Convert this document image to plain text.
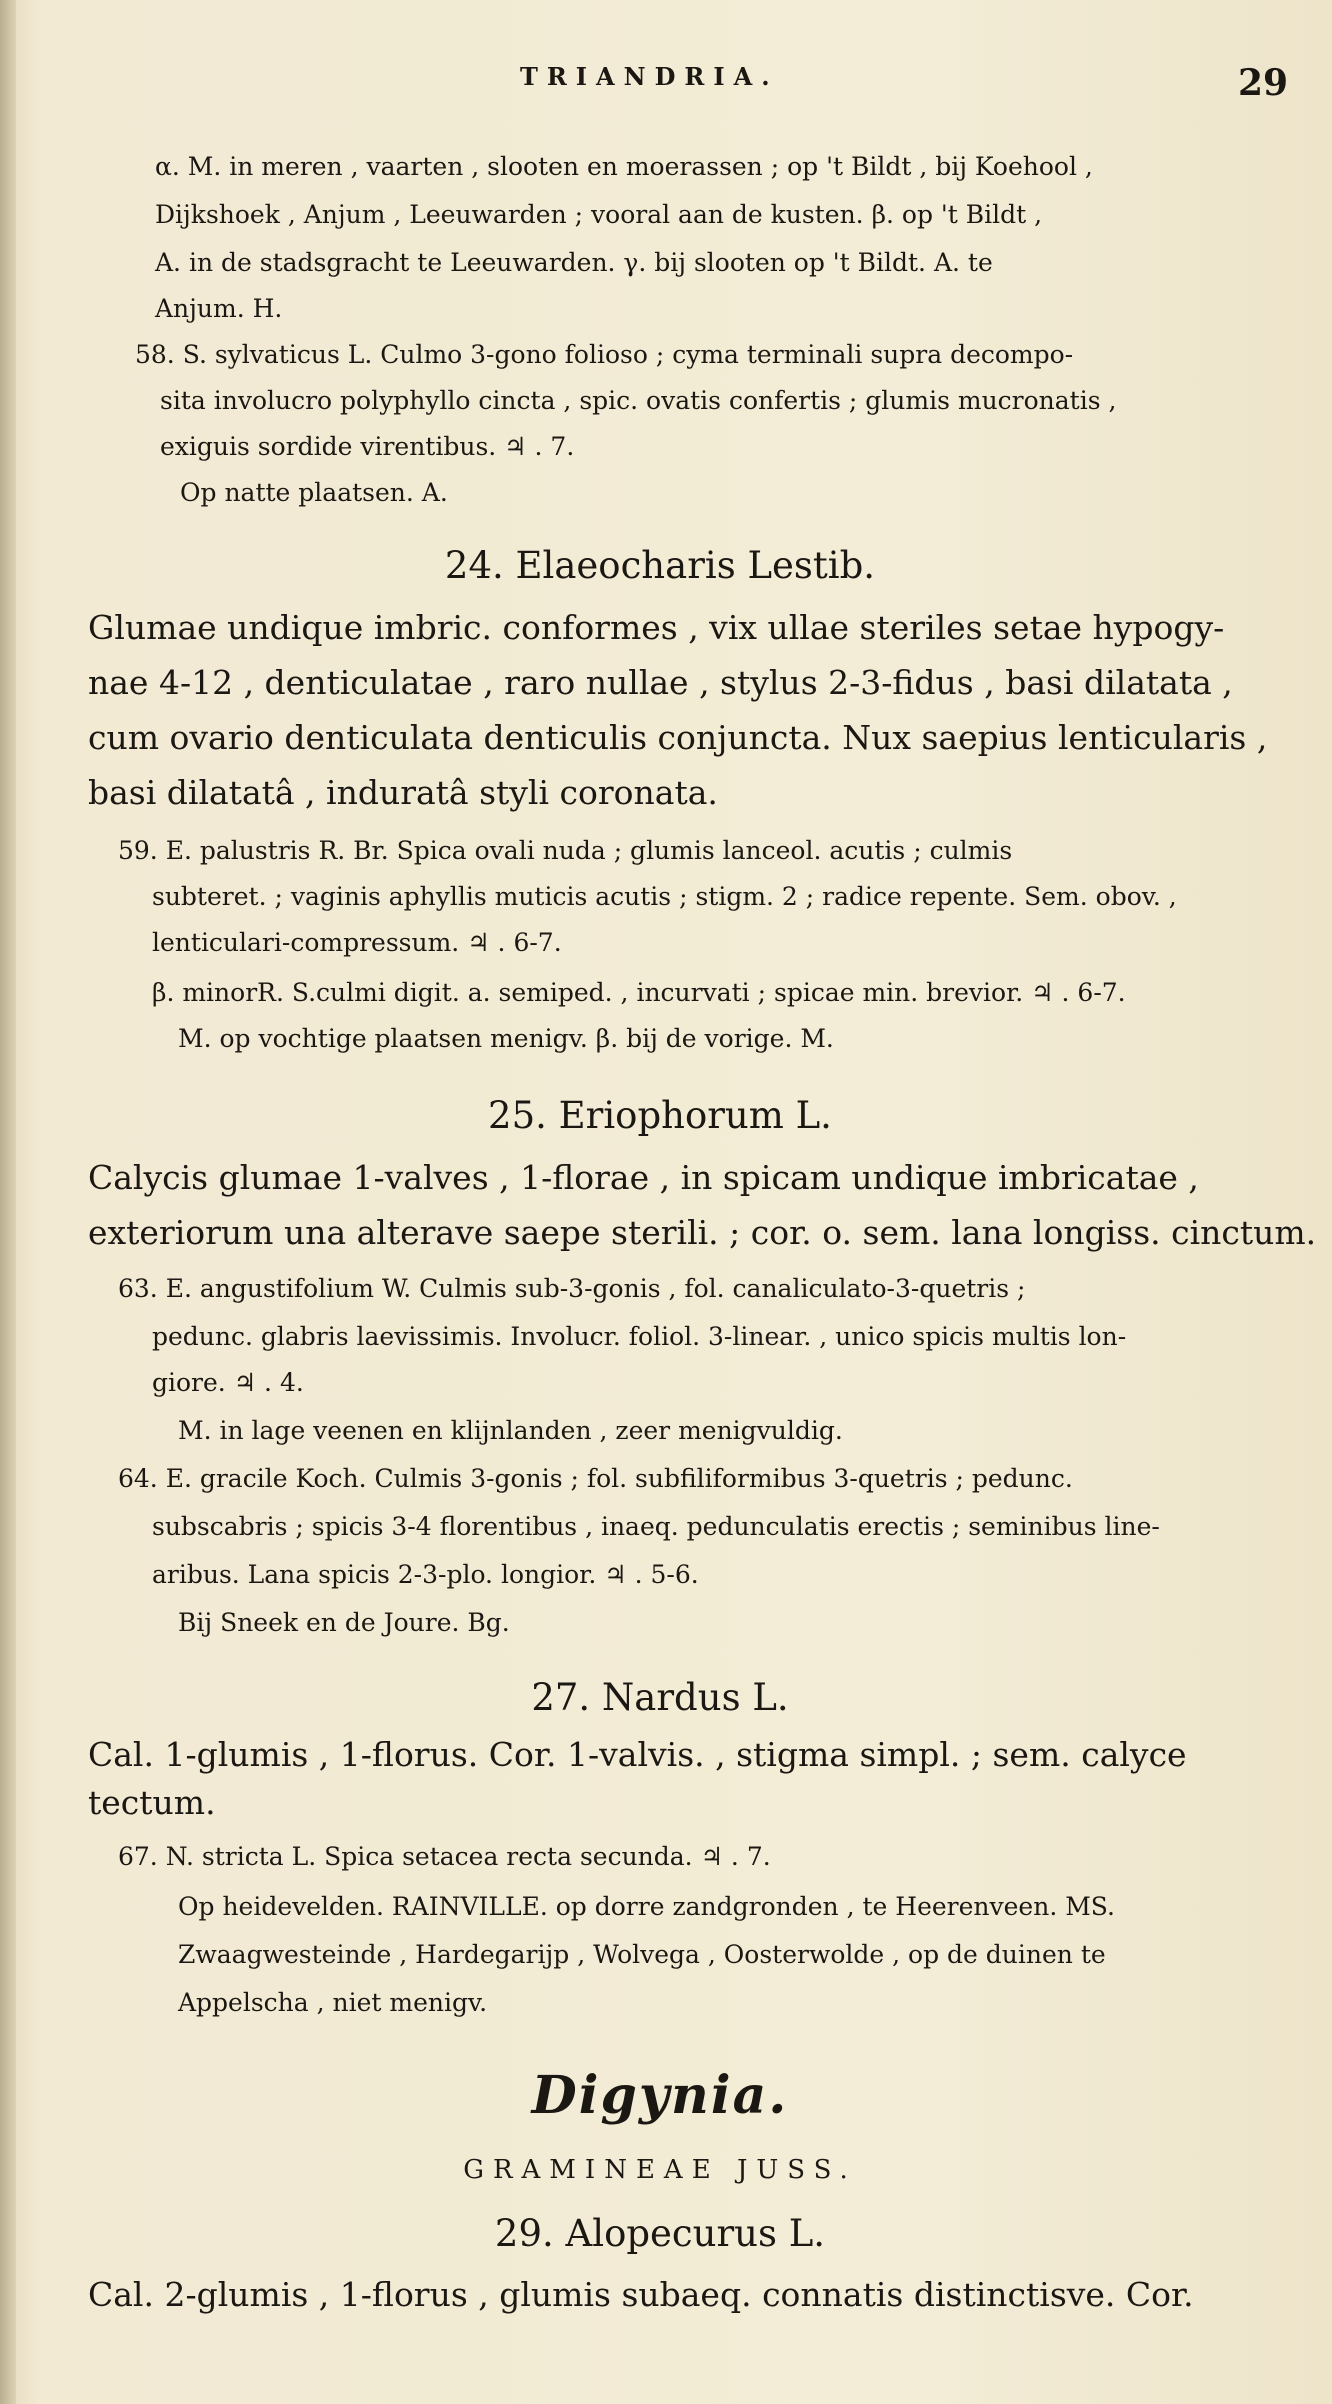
TRIANDRIA.	29
α. M. in meren , vaarten , slooten en moerassen ; op 't Bildt , bij Koehool ,
Dijkshoek , Anjum , Leeuwarden ; vooral aan de kusten. β. op 't Bildt ,
A. in de stadsgracht te Leeuwarden. γ. bij slooten op 't Bildt. A. te
Anjum. H.
58. S. sylvaticus L. Culmo 3-gono folioso ; cyma terminali supra decompo-
sita involucro polyphyllo cincta , spic. ovatis confertis ; glumis mucronatis ,
exiguis sordide virentibus. ♃ . 7.
Op natte plaatsen. A.
24. Elaeocharis Lestib.
Glumae undique imbric. conformes , vix ullae steriles setae hypogy-
nae 4-12 , denticulatae , raro nullae , stylus 2-3-fidus , basi dilatata ,
cum ovario denticulata denticulis conjuncta. Nux saepius lenticularis ,
basi dilatatâ , induratâ styli coronata.
59. E. palustris R. Br. Spica ovali nuda ; glumis lanceol. acutis ; culmis
subteret. ; vaginis aphyllis muticis acutis ; stigm. 2 ; radice repente. Sem. obov. ,
lenticulari-compressum. ♃ . 6-7.
β. minorR. S.culmi digit. a. semiped. , incurvati ; spicae min. brevior. ♃ . 6-7.
M. op vochtige plaatsen menigv. β. bij de vorige. M.
25. Eriophorum L.
Calycis glumae 1-valves , 1-florae , in spicam undique imbricatae ,
exteriorum una alterave saepe sterili. ; cor. o. sem. lana longiss. cinctum.
63. E. angustifolium W. Culmis sub-3-gonis , fol. canaliculato-3-quetris ;
pedunc. glabris laevissimis. Involucr. foliol. 3-linear. , unico spicis multis lon-
giore. ♃ . 4.
M. in lage veenen en klijnlanden , zeer menigvuldig.
64. E. gracile Koch. Culmis 3-gonis ; fol. subfiliformibus 3-quetris ; pedunc.
subscabris ; spicis 3-4 florentibus , inaeq. pedunculatis erectis ; seminibus line-
aribus. Lana spicis 2-3-plo. longior. ♃ . 5-6.
Bij Sneek en de Joure. Bg.
27. Nardus L.
Cal. 1-glumis , 1-florus. Cor. 1-valvis. , stigma simpl. ; sem. calyce
tectum.
67. N. stricta L. Spica setacea recta secunda. ♃ . 7.
Op heidevelden. RAINVILLE. op dorre zandgronden , te Heerenveen. MS.
Zwaagwesteinde , Hardegarijp , Wolvega , Oosterwolde , op de duinen te
Appelscha , niet menigv.
Digynia.
GRAMINEAE JUSS.
29. Alopecurus L.
Cal. 2-glumis , 1-florus , glumis subaeq. connatis distinctisve. Cor.
